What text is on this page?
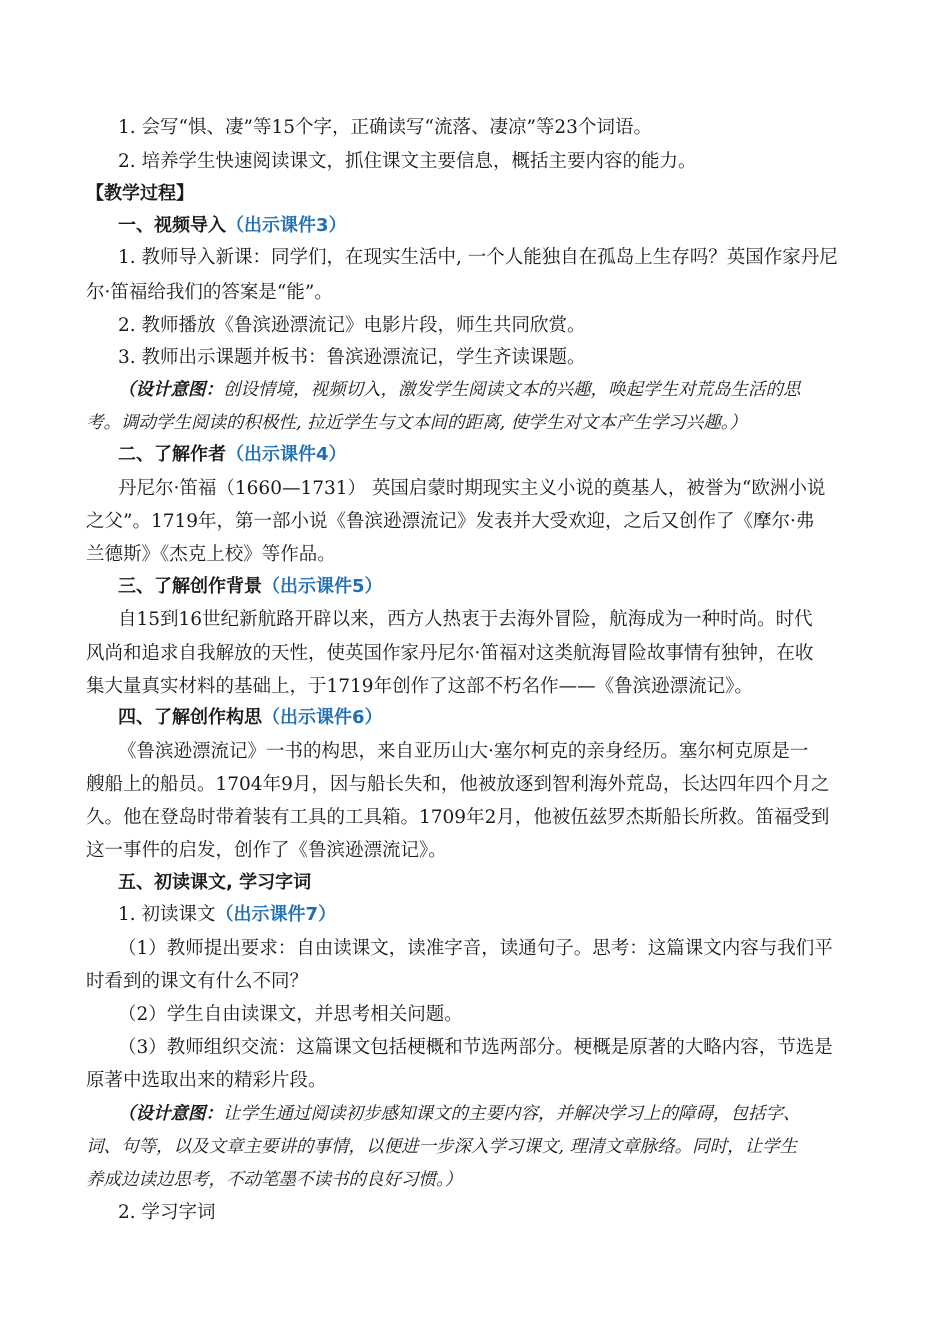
1. 会写“惧、凄”等15个字，正确读写“流落、凄凉”等23个词语。
2. 培养学生快速阅读课文，抓住课文主要信息，概括主要内容的能力。
【教学过程】
一、视频导入（出示课件3）
1. 教师导入新课：同学们，在现实生活中, 一个人能独自在孤岛上生存吗？英国作家丹尼
尔·笛福给我们的答案是“能”。
2. 教师播放《鲁滨逊漂流记》电影片段，师生共同欣赏。
3. 教师出示课题并板书：鲁滨逊漂流记，学生齐读课题。
（设计意图：创设情境，视频切入，激发学生阅读文本的兴趣，唤起学生对荒岛生活的思
考。调动学生阅读的积极性, 拉近学生与文本间的距离, 使学生对文本产生学习兴趣。）
二、了解作者（出示课件4）
丹尼尔·笛福（1660—1731） 英国启蒙时期现实主义小说的奠基人，被誉为“欧洲小说
之父”。1719年，第一部小说《鲁滨逊漂流记》发表并大受欢迎，之后又创作了《摩尔·弗
兰德斯》《杰克上校》等作品。
三、了解创作背景（出示课件5）
自15到16世纪新航路开辟以来，西方人热衷于去海外冒险，航海成为一种时尚。时代
风尚和追求自我解放的天性，使英国作家丹尼尔·笛福对这类航海冒险故事情有独钟，在收
集大量真实材料的基础上，于1719年创作了这部不朽名作——《鲁滨逊漂流记》。
四、了解创作构思（出示课件6）
《鲁滨逊漂流记》一书的构思，来自亚历山大·塞尔柯克的亲身经历。塞尔柯克原是一
艘船上的船员。1704年9月，因与船长失和，他被放逐到智利海外荒岛，长达四年四个月之
久。他在登岛时带着装有工具的工具箱。1709年2月，他被伍兹罗杰斯船长所救。笛福受到
这一事件的启发，创作了《鲁滨逊漂流记》。
五、初读课文, 学习字词
1. 初读课文（出示课件7）
（1）教师提出要求：自由读课文，读准字音，读通句子。思考：这篇课文内容与我们平
时看到的课文有什么不同？
（2）学生自由读课文，并思考相关问题。
（3）教师组织交流：这篇课文包括梗概和节选两部分。梗概是原著的大略内容，节选是
原著中选取出来的精彩片段。
（设计意图：让学生通过阅读初步感知课文的主要内容，并解决学习上的障碍，包括字、
词、句等，以及文章主要讲的事情，以便进一步深入学习课文, 理清文章脉络。同时，让学生
养成边读边思考，不动笔墨不读书的良好习惯。）
2. 学习字词
